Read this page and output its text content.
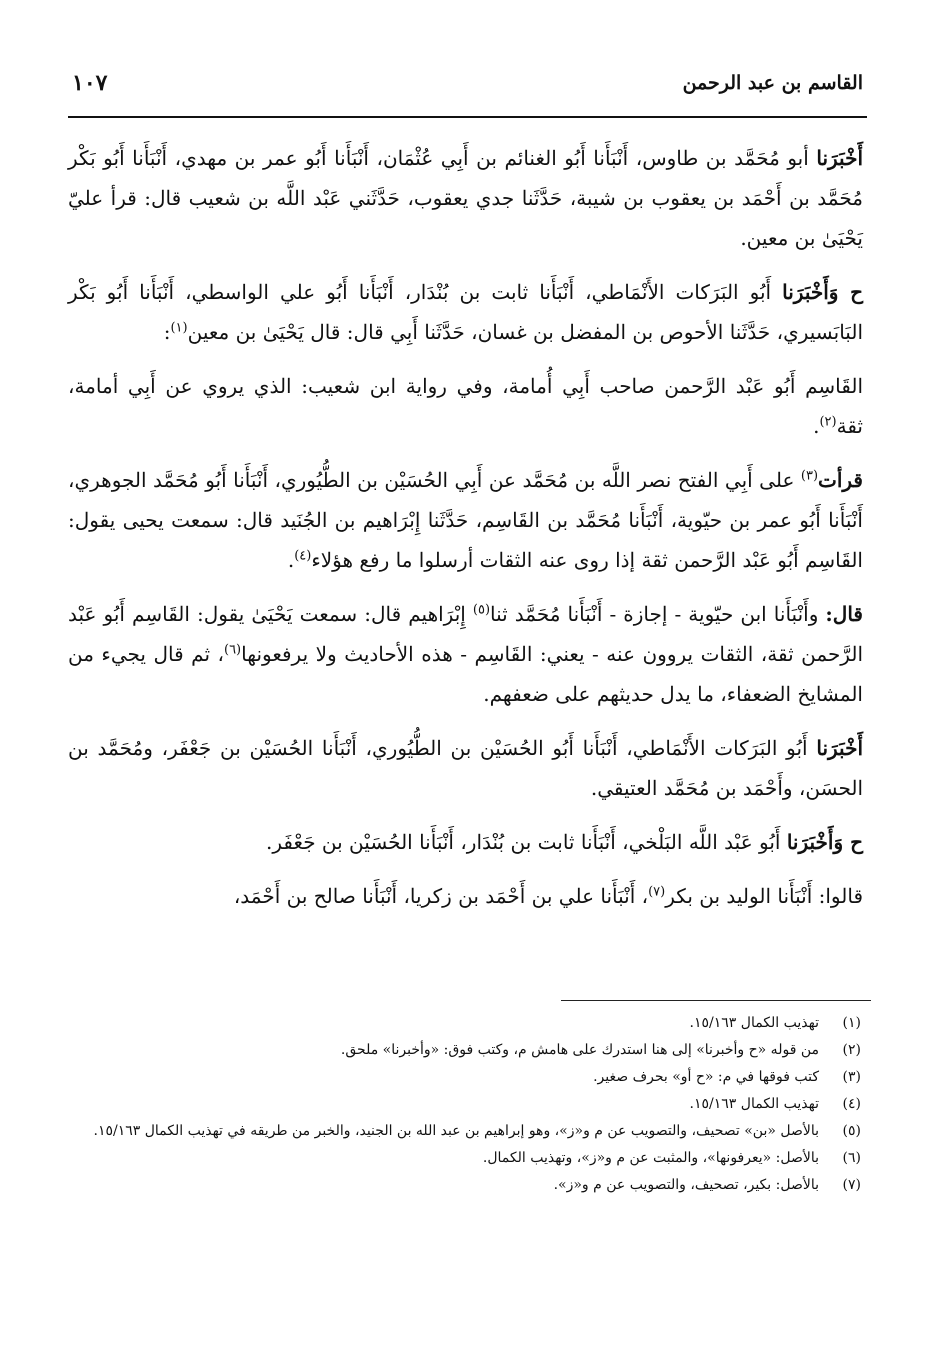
القاسم بن عبد الرحمن
١٠٧

أَخْبَرَنا أبو مُحَمَّد بن طاوس، أَنْبَأَنا أَبُو الغنائم بن أَبِي عُثْمَان، أَنْبَأَنا أَبُو عمر بن مهدي، أَنْبَأَنا أَبُو بَكْر مُحَمَّد بن أَحْمَد بن يعقوب بن شيبة، حَدَّثَنا جدي يعقوب، حَدَّثَني عَبْد اللَّه بن شعيب قال: قرأ عليّ يَحْيَىٰ بن معين.

ح وَأَخْبَرَنا أَبُو البَرَكات الأَنْمَاطي، أَنْبَأَنا ثابت بن بُنْدَار، أَنْبَأَنا أَبُو علي الواسطي، أَنْبَأَنا أَبُو بَكْر البَابَسيري، حَدَّثَنا الأحوص بن المفضل بن غسان، حَدَّثَنا أَبِي قال: قال يَحْيَىٰ بن معين$^{(١)}$:

القَاسِم أَبُو عَبْد الرَّحمن صاحب أَبِي أُمامة، وفي رواية ابن شعيب: الذي يروي عن أَبِي أمامة، ثقة$^{(٢)}$.

قرأت$^{(٣)}$ على أَبِي الفتح نصر اللَّه بن مُحَمَّد عن أَبِي الحُسَيْن بن الطُّيُوري، أَنْبَأَنا أَبُو مُحَمَّد الجوهري، أَنْبَأَنا أَبُو عمر بن حيّوية، أَنْبَأَنا مُحَمَّد بن القَاسِم، حَدَّثَنا إِبْرَاهيم بن الجُنَيد قال: سمعت يحيى يقول: القَاسِم أَبُو عَبْد الرَّحمن ثقة إذا روى عنه الثقات أرسلوا ما رفع هؤلاء$^{(٤)}$.

قال: وأَنْبَأَنا ابن حيّوية - إجازة - أَنْبَأَنا مُحَمَّد ثنا$^{(٥)}$ إِبْرَاهيم قال: سمعت يَحْيَىٰ يقول: القَاسِم أَبُو عَبْد الرَّحمن ثقة، الثقات يروون عنه - يعني: القَاسِم - هذه الأحاديث ولا يرفعونها$^{(٦)}$، ثم قال يجيء من المشايخ الضعفاء، ما يدل حديثهم على ضعفهم.

أَخْبَرَنا أَبُو البَرَكات الأَنْمَاطي، أَنْبَأَنا أَبُو الحُسَيْن بن الطُّيُوري، أَنْبَأَنا الحُسَيْن بن جَعْفَر، ومُحَمَّد بن الحسَن، وأَحْمَد بن مُحَمَّد العتيقي.

ح وَأَخْبَرَنا أَبُو عَبْد اللَّه البَلْخي، أَنْبَأَنا ثابت بن بُنْدَار، أَنْبَأَنا الحُسَيْن بن جَعْفَر.

قالوا: أَنْبَأَنا الوليد بن بكر$^{(٧)}$، أَنْبَأَنا علي بن أَحْمَد بن زكريا، أَنْبَأَنا صالح بن أَحْمَد،

(١)
تهذيب الكمال ١٥/١٦٣.
(٢)
من قوله «ح وأخبرنا» إلى هنا استدرك على هامش م، وكتب فوق: «وأخبرنا» ملحق.
(٣)
كتب فوقها في م: «ح أو» بحرف صغير.
(٤)
تهذيب الكمال ١٥/١٦٣.
(٥)
بالأصل «بن» تصحيف، والتصويب عن م و«ز»، وهو إبراهيم بن عبد الله بن الجنيد، والخبر من طريقه في تهذيب الكمال ١٥/١٦٣.
(٦)
بالأصل: «يعرفونها»، والمثبت عن م و«ز»، وتهذيب الكمال.
(٧)
بالأصل: بكير، تصحيف، والتصويب عن م و«ز».
